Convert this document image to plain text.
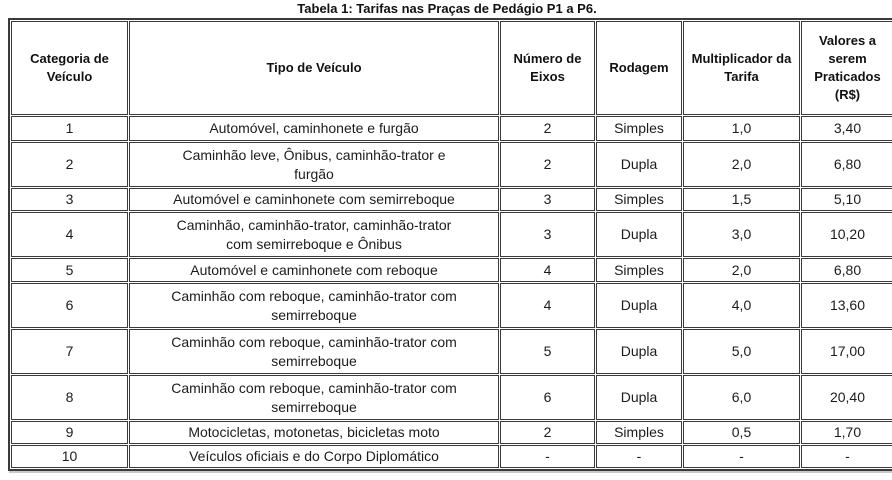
Tabela 1: Tarifas nas Praças de Pedágio P1 a P6.
Categoria de Veículo	Tipo de Veículo	Número de Eixos	Rodagem	Multiplicador da Tarifa	Valores a serem Praticados (R$)
1	Automóvel, caminhonete e furgão	2	Simples	1,0	3,40
2	Caminhão leve, Ônibus, caminhão-trator e furgão	2	Dupla	2,0	6,80
3	Automóvel e caminhonete com semirreboque	3	Simples	1,5	5,10
4	Caminhão, caminhão-trator, caminhão-trator com semirreboque e Ônibus	3	Dupla	3,0	10,20
5	Automóvel e caminhonete com reboque	4	Simples	2,0	6,80
6	Caminhão com reboque, caminhão-trator com semirreboque	4	Dupla	4,0	13,60
7	Caminhão com reboque, caminhão-trator com semirreboque	5	Dupla	5,0	17,00
8	Caminhão com reboque, caminhão-trator com semirreboque	6	Dupla	6,0	20,40
9	Motocicletas, motonetas, bicicletas moto	2	Simples	0,5	1,70
10	Veículos oficiais e do Corpo Diplomático	-	-	-	-
